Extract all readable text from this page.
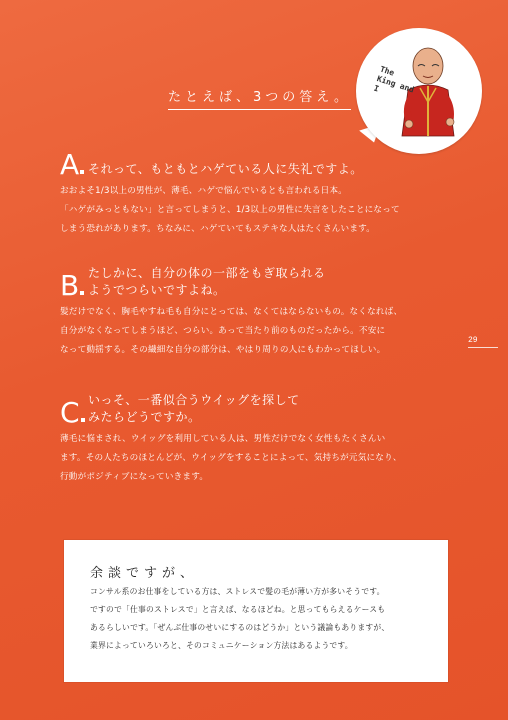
たとえば、3つの答え。
The
King and I
A それって、もともとハゲている人に失礼ですよ。
おおよそ1/3以上の男性が、薄毛、ハゲで悩んでいるとも言われる日本。
「ハゲがみっともない」と言ってしまうと、1/3以上の男性に失言をしたことになって
しまう恐れがあります。ちなみに、ハゲていてもステキな人はたくさんいます。
B たしかに、自分の体の一部をもぎ取られる
ようでつらいですよね。
髪だけでなく、胸毛やすね毛も自分にとっては、なくてはならないもの。なくなれば、
自分がなくなってしまうほど、つらい。あって当たり前のものだったから。不安に
なって動揺する。その繊細な自分の部分は、やはり周りの人にもわかってほしい。
29
C いっそ、一番似合うウイッグを探して
みたらどうですか。
薄毛に悩まされ、ウイッグを利用している人は、男性だけでなく女性もたくさんい
ます。その人たちのほとんどが、ウイッグをすることによって、気持ちが元気になり、
行動がポジティブになっていきます。
余談ですが、
コンサル系のお仕事をしている方は、ストレスで髪の毛が薄い方が多いそうです。
ですので「仕事のストレスで」と言えば、なるほどね。と思ってもらえるケースも
あるらしいです。「ぜんぶ仕事のせいにするのはどうか」という議論もありますが、
業界によっていろいろと、そのコミュニケーション方法はあるようです。
